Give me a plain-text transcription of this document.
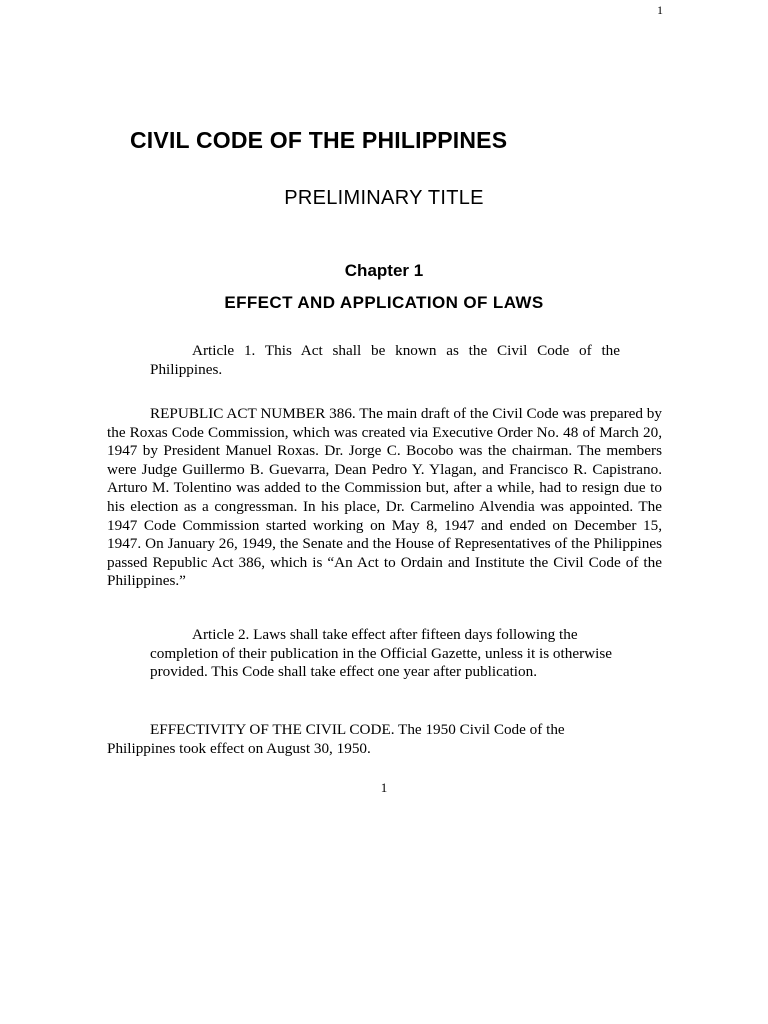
1
CIVIL CODE OF THE PHILIPPINES
PRELIMINARY TITLE
Chapter 1
EFFECT AND APPLICATION OF LAWS

Article 1. This Act shall be known as the Civil Code of the Philippines.

REPUBLIC ACT NUMBER 386. The main draft of the Civil Code was prepared by the Roxas Code Commission, which was created via Executive Order No. 48 of March 20, 1947 by President Manuel Roxas. Dr. Jorge C. Bocobo was the chairman. The members were Judge Guillermo B. Guevarra, Dean Pedro Y. Ylagan, and Francisco R. Capistrano. Arturo M. Tolentino was added to the Commission but, after a while, had to resign due to his election as a congressman. In his place, Dr. Carmelino Alvendia was appointed. The 1947 Code Commission started working on May 8, 1947 and ended on December 15, 1947. On January 26, 1949, the Senate and the House of Representatives of the Philippines passed Republic Act 386, which is “An Act to Ordain and Institute the Civil Code of the Philippines.”

Article 2. Laws shall take effect after fifteen days following the completion of their publication in the Official Gazette, unless it is otherwise provided. This Code shall take effect one year after publication.

EFFECTIVITY OF THE CIVIL CODE. The 1950 Civil Code of the Philippines took effect on August 30, 1950.

1
